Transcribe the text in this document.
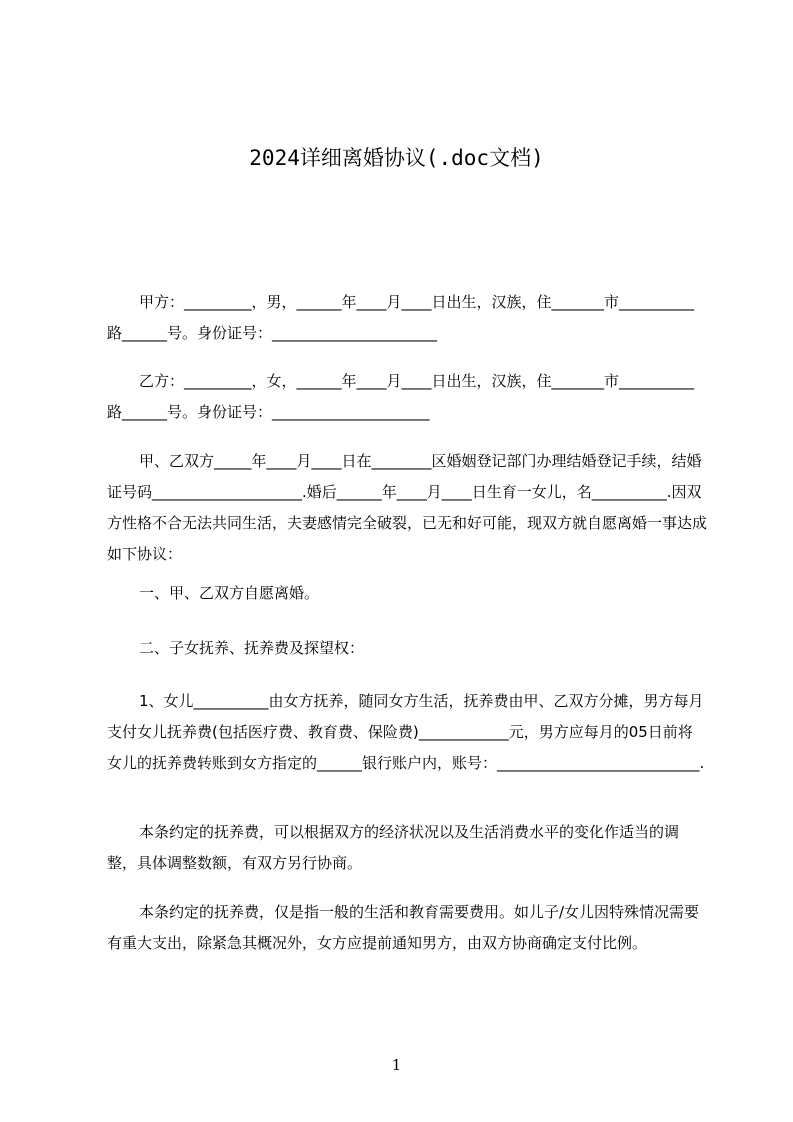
2024详细离婚协议(.doc文档)

甲方：_________，男，______年____月____日出生，汉族，住_______市__________路______号。身份证号：______________________

乙方：_________，女，______年____月____日出生，汉族，住_______市__________路______号。身份证号：_____________________

甲、乙双方_____年____月____日在________区婚姻登记部门办理结婚登记手续，结婚证号码____________________.婚后______年____月____日生育一女儿，名__________.因双方性格不合无法共同生活，夫妻感情完全破裂，已无和好可能，现双方就自愿离婚一事达成如下协议：

一、甲、乙双方自愿离婚。

二、子女抚养、抚养费及探望权：

1、女儿__________由女方抚养，随同女方生活，抚养费由甲、乙双方分摊，男方每月支付女儿抚养费(包括医疗费、教育费、保险费)____________元，男方应每月的05日前将女儿的抚养费转账到女方指定的______银行账户内，账号：___________________________.

本条约定的抚养费，可以根据双方的经济状况以及生活消费水平的变化作适当的调整，具体调整数额，有双方另行协商。

本条约定的抚养费，仅是指一般的生活和教育需要费用。如儿子/女儿因特殊情况需要有重大支出，除紧急其概况外，女方应提前通知男方，由双方协商确定支付比例。

1
